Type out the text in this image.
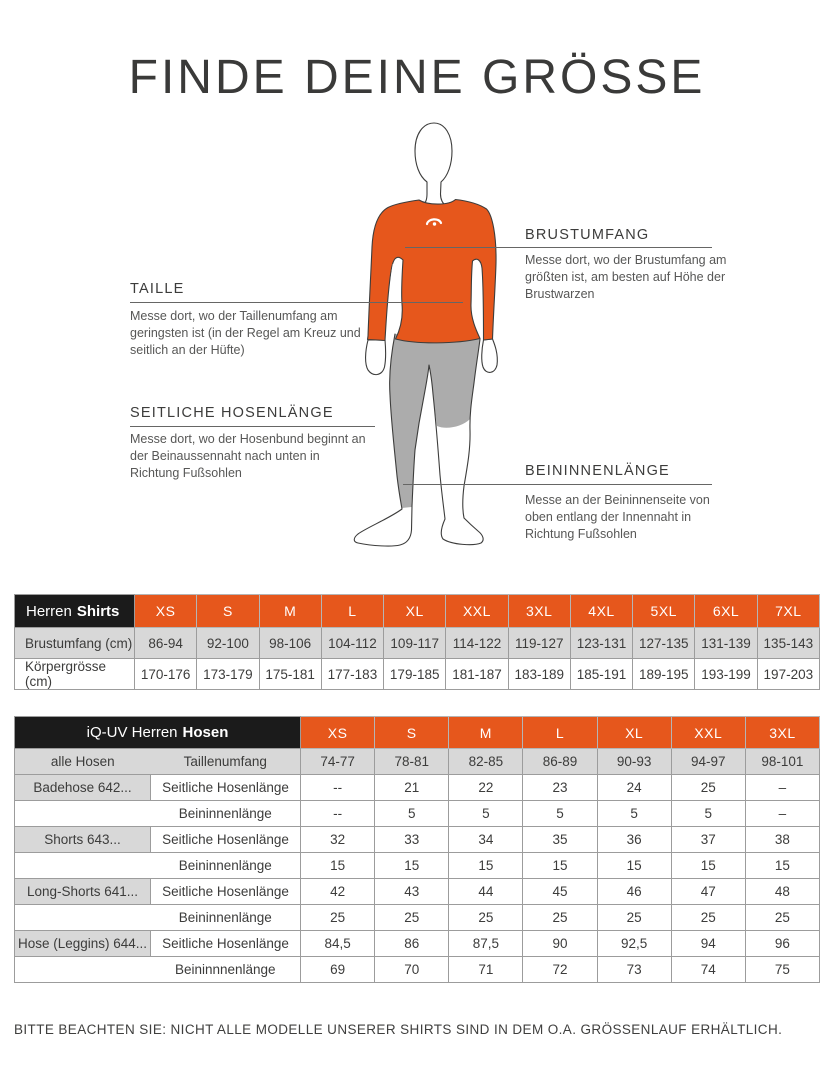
FINDE DEINE GRÖSSE
TAILLE
Messe dort, wo der Taillenumfang am geringsten ist (in der Regel am Kreuz und seitlich an der Hüfte)
BRUSTUMFANG
Messe dort, wo der Brustumfang am größten ist, am besten auf Höhe der Brustwarzen
SEITLICHE HOSENLÄNGE
Messe dort, wo der Hosenbund beginnt an der Beinaussennaht nach unten in Richtung Fußsohlen	BEININNENLÄNGE
Messe an der Beininnenseite von oben entlang der Innennaht in Richtung Fußsohlen
Herren Shirts	XS	S	M	L	XL	XXL	3XL	4XL	5XL	6XL	7XL
Brustumfang (cm)	86-94	92-100	98-106	104-112	109-117	114-122	119-127	123-131	127-135	131-139	135-143
Körpergrösse (cm)	170-176	173-179	175-181	177-183	179-185	181-187	183-189	185-191	189-195	193-199	197-203
iQ-UV Herren Hosen		XS	S	M	L	XL	XXL	3XL
alle Hosen	Taillenumfang	74-77	78-81	82-85	86-89	90-93	94-97	98-101
Badehose 642...	Seitliche Hosenlänge	--	21	22	23	24	25	–
	Beininnenlänge	--	5	5	5	5	5	–
Shorts 643...	Seitliche Hosenlänge	32	33	34	35	36	37	38
	Beininnenlänge	15	15	15	15	15	15	15
Long-Shorts 641...	Seitliche Hosenlänge	42	43	44	45	46	47	48
	Beininnenlänge	25	25	25	25	25	25	25
Hose (Leggins) 644...	Seitliche Hosenlänge	84,5	86	87,5	90	92,5	94	96
	Beininnnenlänge	69	70	71	72	73	74	75
BITTE BEACHTEN SIE: NICHT ALLE MODELLE UNSERER SHIRTS SIND IN DEM O.A. GRÖSSENLAUF ERHÄLTLICH.
